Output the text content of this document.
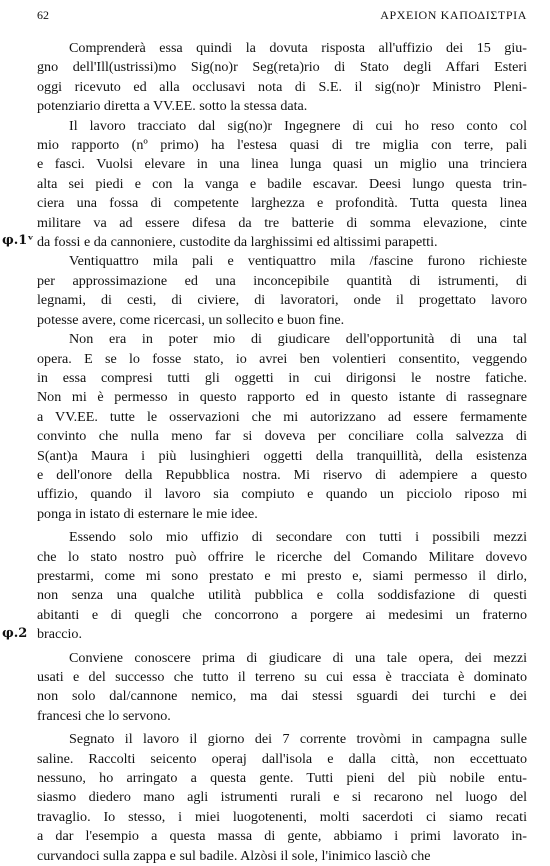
62	ΑΡΧΕΙΟΝ ΚΑΠΟΔΙΣΤΡΙΑ
φ.1ᵛ
φ.2
Comprenderà essa quindi la dovuta risposta all'uffizio dei 15 giu-
gno dell'Ill(ustrissi)mo Sig(no)r Seg(reta)rio di Stato degli Affari Esteri
oggi ricevuto ed alla occlusavi nota di S.E. il sig(no)r Ministro Pleni-
potenziario diretta a VV.EE. sotto la stessa data.
Il lavoro tracciato dal sig(no)r Ingegnere di cui ho reso conto col
mio rapporto (nº primo) ha l'estesa quasi di tre miglia con terre, pali
e fasci. Vuolsi elevare in una linea lunga quasi un miglio una trinciera
alta sei piedi e con la vanga e badile escavar. Deesi lungo questa trin-
ciera una fossa di competente larghezza e profondità. Tutta questa linea
militare va ad essere difesa da tre batterie di somma elevazione, cinte
da fossi e da cannoniere, custodite da larghissimi ed altissimi parapetti.
Ventiquattro mila pali e ventiquattro mila /fascine furono richieste
per approssimazione ed una inconcepibile quantità di istrumenti, di
legnami, di cesti, di civiere, di lavoratori, onde il progettato lavoro
potesse avere, come ricercasi, un sollecito e buon fine.
Non era in poter mio di giudicare dell'opportunità di una tal
opera. E se lo fosse stato, io avrei ben volentieri consentito, veggendo
in essa compresi tutti gli oggetti in cui dirigonsi le nostre fatiche.
Non mi è permesso in questo rapporto ed in questo istante di rassegnare
a VV.EE. tutte le osservazioni che mi autorizzano ad essere fermamente
convinto che nulla meno far si doveva per conciliare colla salvezza di
S(ant)a Maura i più lusinghieri oggetti della tranquillità, della esistenza
e dell'onore della Repubblica nostra. Mi riservo di adempiere a questo
uffizio, quando il lavoro sia compiuto e quando un picciolo riposo mi
ponga in istato di esternare le mie idee.
Essendo solo mio uffizio di secondare con tutti i possibili mezzi
che lo stato nostro può offrire le ricerche del Comando Militare dovevo
prestarmi, come mi sono prestato e mi presto e, siami permesso il dirlo,
non senza una qualche utilità pubblica e colla soddisfazione di questi
abitanti e di quegli che concorrono a porgere ai medesimi un fraterno
braccio.
Conviene conoscere prima di giudicare di una tale opera, dei mezzi
usati e del successo che tutto il terreno su cui essa è tracciata è dominato
non solo dal/cannone nemico, ma dai stessi sguardi dei turchi e dei
francesi che lo servono.
Segnato il lavoro il giorno dei 7 corrente trovòmi in campagna sulle
saline. Raccolti seicento operaj dall'isola e dalla città, non eccettuato
nessuno, ho arringato a questa gente. Tutti pieni del più nobile entu-
siasmo diedero mano agli istrumenti rurali e si recarono nel luogo del
travaglio. Io stesso, i miei luogotenenti, molti sacerdoti ci siamo recati
a dar l'esempio a questa massa di gente, abbiamo i primi lavorato in-
curvandoci sulla zappa e sul badile. Alzòsi il sole, l'inimico lasciò che
